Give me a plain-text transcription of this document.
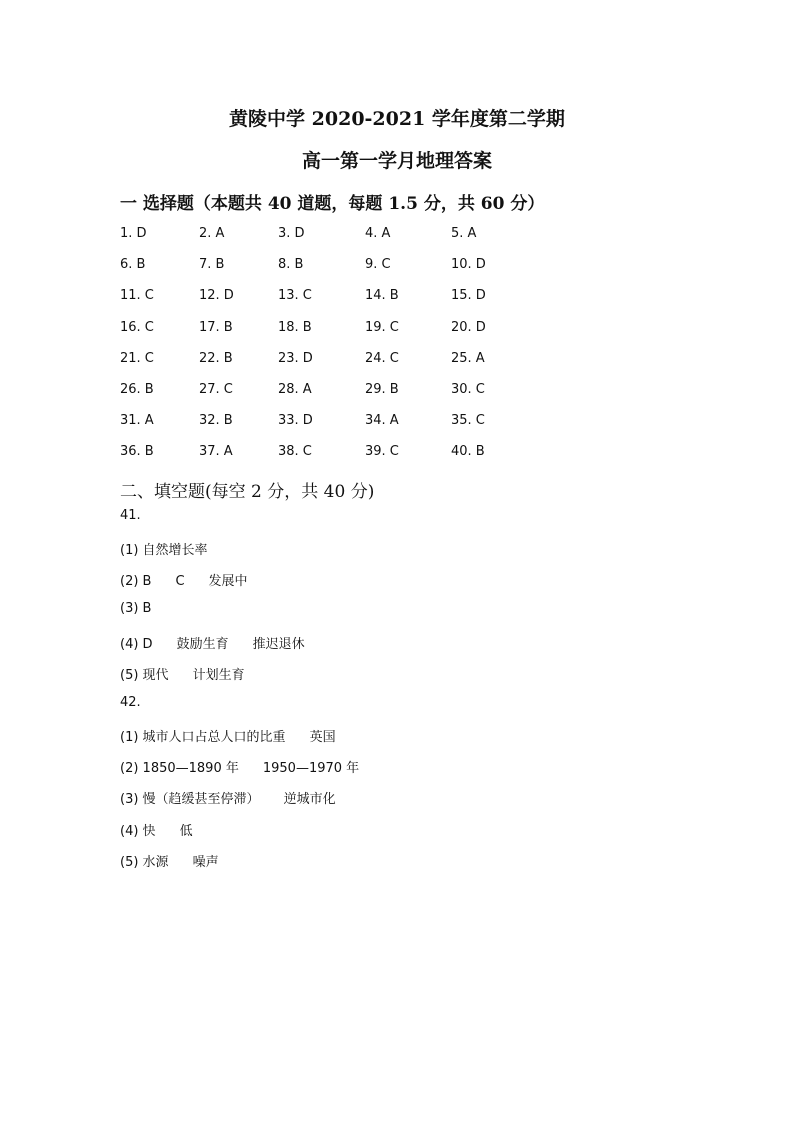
黄陵中学 2020-2021 学年度第二学期
高一第一学月地理答案
一 选择题（本题共 40 道题，每题 1.5 分，共 60 分）
1. D	2. A	3. D	4. A	5. A
6. B	7. B	8. B	9. C	10. D
11. C	12. D	13. C	14. B	15. D
16. C	17. B	18. B	19. C	20. D
21. C	22. B	23. D	24. C	25. A
26. B	27. C	28. A	29. B	30. C
31. A	32. B	33. D	34. A	35. C
36. B	37. A	38. C	39. C	40. B
二、填空题(每空 2 分，共 40 分)
41.
(1) 自然增长率
(2) B C 发展中
(3) B
(4) D 鼓励生育 推迟退休
(5) 现代 计划生育
42.
(1) 城市人口占总人口的比重 英国
(2) 1850—1890 年 1950—1970 年
(3) 慢（趋缓甚至停滞） 逆城市化
(4) 快 低
(5) 水源 噪声
